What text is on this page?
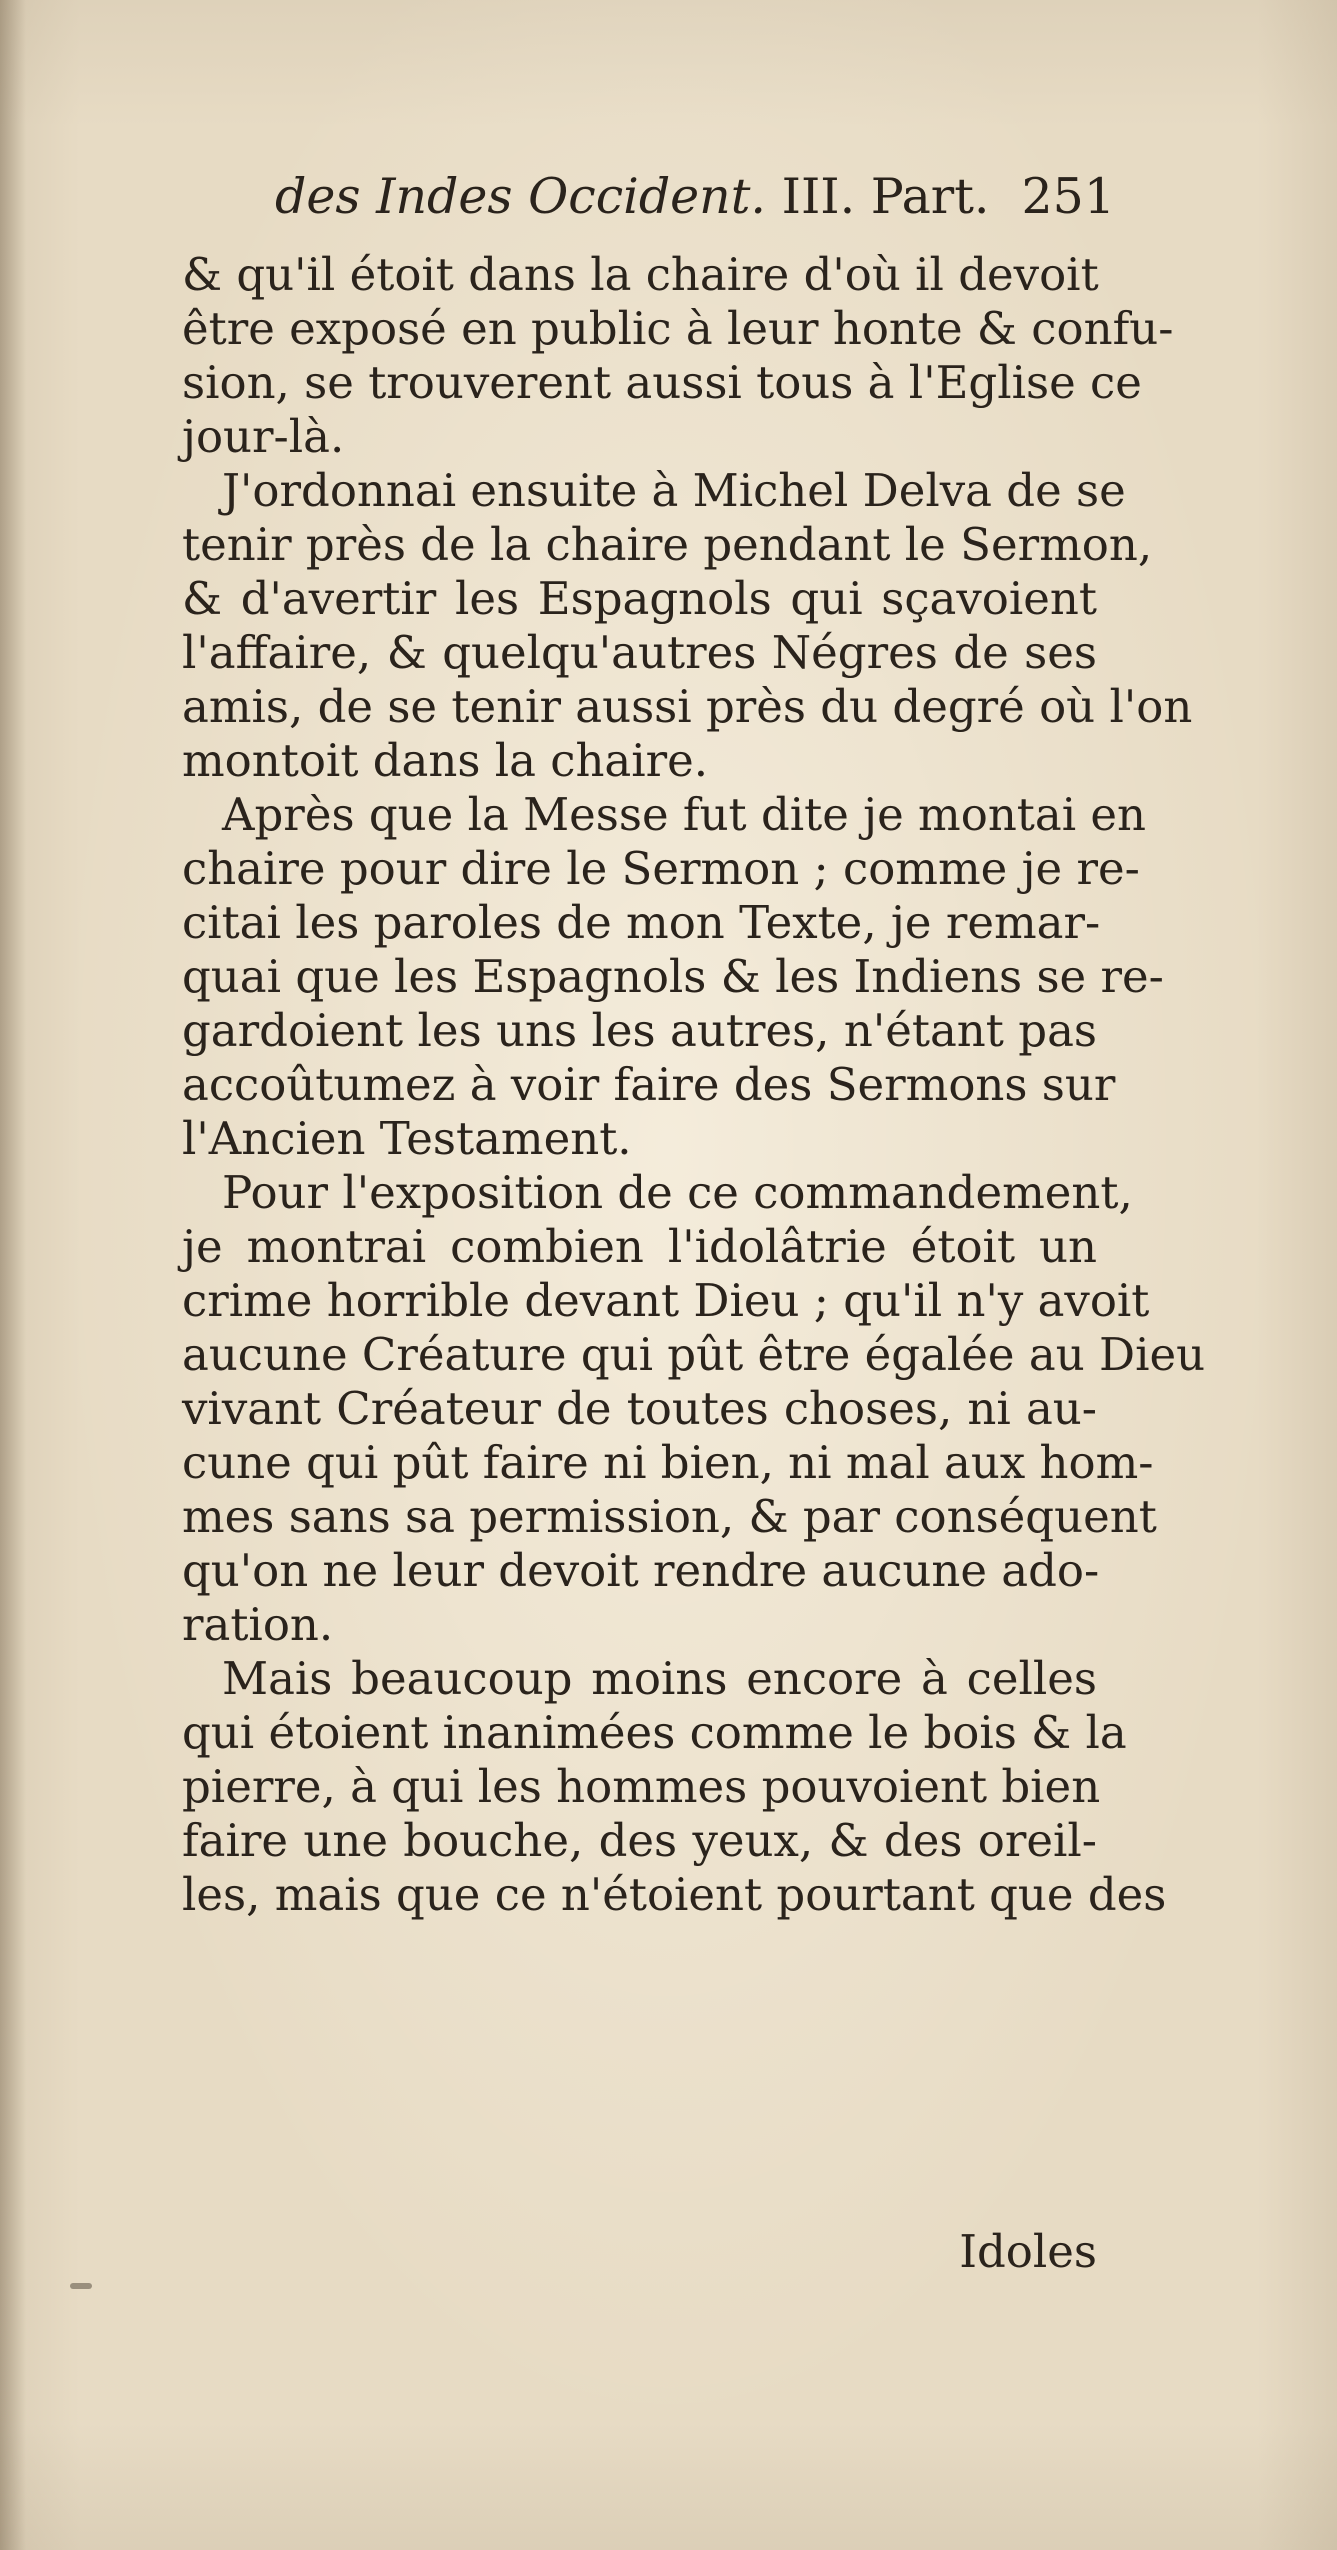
des Indes Occident. III. Part. 251
& qu'il étoit dans la chaire d'où il devoit
être exposé en public à leur honte & confu-
sion, se trouverent aussi tous à l'Eglise ce
jour-là.
J'ordonnai ensuite à Michel Delva de se
tenir près de la chaire pendant le Sermon,
& d'avertir les Espagnols qui sçavoient
l'affaire, & quelqu'autres Négres de ses
amis, de se tenir aussi près du degré où l'on
montoit dans la chaire.
Après que la Messe fut dite je montai en
chaire pour dire le Sermon ; comme je re-
citai les paroles de mon Texte, je remar-
quai que les Espagnols & les Indiens se re-
gardoient les uns les autres, n'étant pas
accoûtumez à voir faire des Sermons sur
l'Ancien Testament.
Pour l'exposition de ce commandement,
je montrai combien l'idolâtrie étoit un
crime horrible devant Dieu ; qu'il n'y avoit
aucune Créature qui pût être égalée au Dieu
vivant Créateur de toutes choses, ni au-
cune qui pût faire ni bien, ni mal aux hom-
mes sans sa permission, & par conséquent
qu'on ne leur devoit rendre aucune ado-
ration.
Mais beaucoup moins encore à celles
qui étoient inanimées comme le bois & la
pierre, à qui les hommes pouvoient bien
faire une bouche, des yeux, & des oreil-
les, mais que ce n'étoient pourtant que des
Idoles
